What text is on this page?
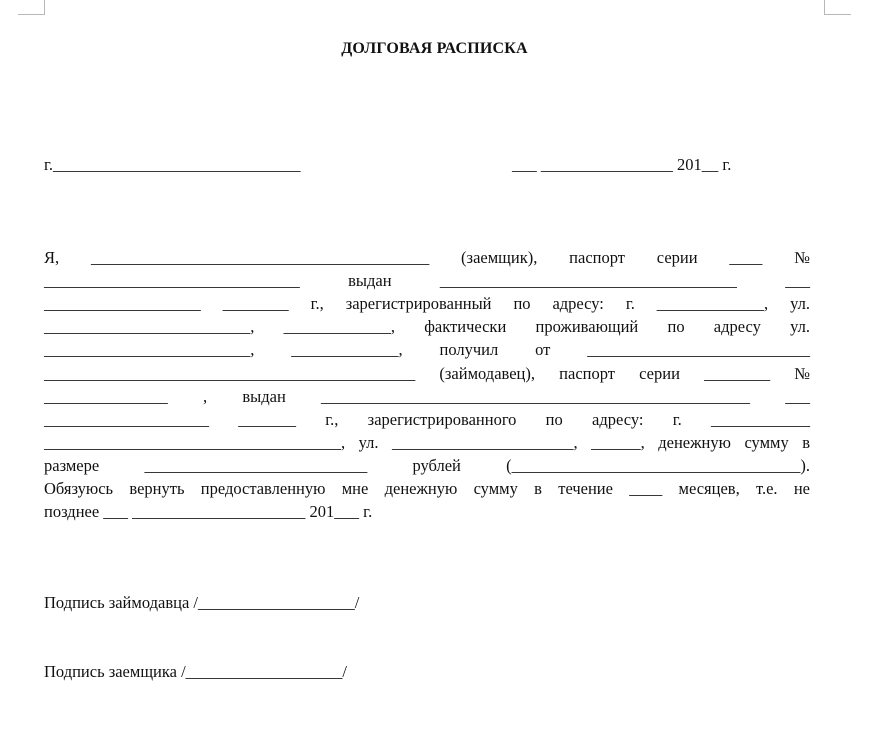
ДОЛГОВАЯ РАСПИСКА
г.______________________________	___ ________________ 201__ г.
Я, _________________________________________ (заемщик), паспорт серии ____ №
_______________________________ выдан ____________________________________ ___
___________________ ________ г., зарегистрированный по адресу: г. _____________, ул.
_________________________, _____________, фактически проживающий по адресу ул.
_________________________, _____________, получил от ___________________________
_____________________________________________ (займодавец), паспорт серии ________ №
_______________ , выдан ____________________________________________________ ___
____________________ _______ г., зарегистрированного по адресу: г. ____________
____________________________________, ул. ______________________, ______, денежную сумму в
размере ___________________________ рублей (___________________________________).
Обязуюсь вернуть предоставленную мне денежную сумму в течение ____ месяцев, т.е. не
позднее ___ _____________________ 201___ г.
Подпись займодавца /___________________/
Подпись заемщика /___________________/
